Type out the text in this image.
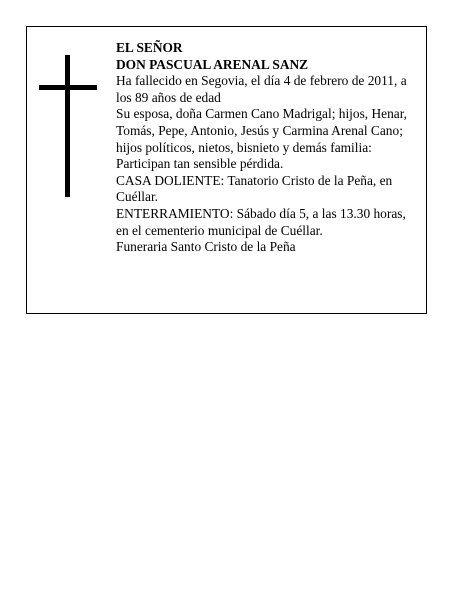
EL SEÑOR

DON PASCUAL ARENAL SANZ

Ha fallecido en Segovia, el día 4 de febrero de 2011, a los 89 años de edad

Su esposa, doña Carmen Cano Madrigal; hijos, Henar, Tomás, Pepe, Antonio, Jesús y Carmina Arenal Cano; hijos políticos, nietos, bisnieto y demás familia:

Participan tan sensible pérdida.

CASA DOLIENTE: Tanatorio Cristo de la Peña, en Cuéllar.

ENTERRAMIENTO: Sábado día 5, a las 13.30 horas, en el cementerio municipal de Cuéllar.

Funeraria Santo Cristo de la Peña
